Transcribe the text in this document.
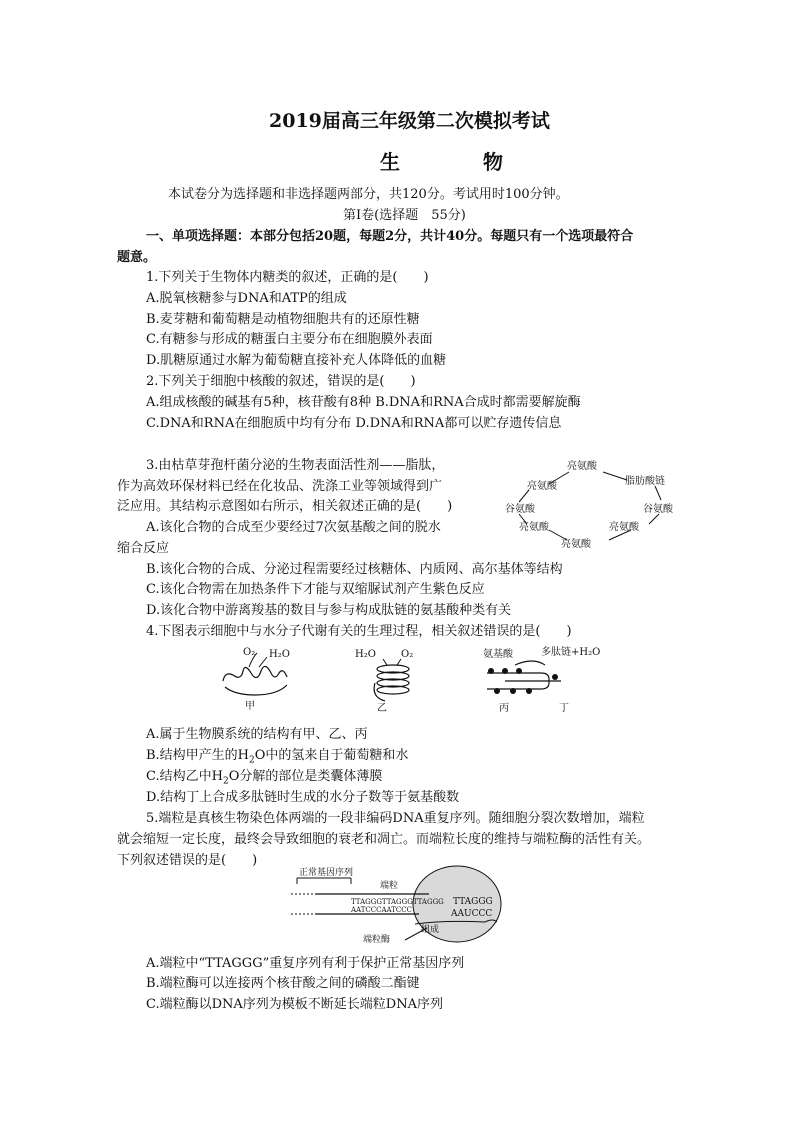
2019届高三年级第二次模拟考试
生 物
本试卷分为选择题和非选择题两部分，共120分。考试用时100分钟。
第Ⅰ卷(选择题　55分)
一、单项选择题：本部分包括20题，每题2分，共计40分。每题只有一个选项最符合
题意。
1.下列关于生物体内糖类的叙述，正确的是(　　)
A.脱氧核糖参与DNA和ATP的组成
B.麦芽糖和葡萄糖是动植物细胞共有的还原性糖
C.有糖参与形成的糖蛋白主要分布在细胞膜外表面
D.肌糖原通过水解为葡萄糖直接补充人体降低的血糖
2.下列关于细胞中核酸的叙述，错误的是(　　)
A.组成核酸的碱基有5种，核苷酸有8种 B.DNA和RNA合成时都需要解旋酶
C.DNA和RNA在细胞质中均有分布 D.DNA和RNA都可以贮存遗传信息
3.由枯草芽孢杆菌分泌的生物表面活性剂——脂肽，
作为高效环保材料已经在化妆品、洗涤工业等领域得到广
泛应用。其结构示意图如右所示，相关叙述正确的是(　　)
A.该化合物的合成至少要经过7次氨基酸之间的脱水
缩合反应
B.该化合物的合成、分泌过程需要经过核糖体、内质网、高尔基体等结构
C.该化合物需在加热条件下才能与双缩脲试剂产生紫色反应
D.该化合物中游离羧基的数目与参与构成肽链的氨基酸种类有关
亮氨酸
亮氨酸	脂肪酸链
谷氨酸	谷氨酸
亮氨酸	亮氨酸
亮氨酸
4.下图表示细胞中与水分子代谢有关的生理过程，相关叙述错误的是(　　)
O₂ H₂O
甲
H₂O	O₂
乙
氨基酸	多肽链+H₂O
丙	丁
A.属于生物膜系统的结构有甲、乙、丙
B.结构甲产生的$H_2O$中的氢来自于葡萄糖和水
C.结构乙中$H_2O$分解的部位是类囊体薄膜
D.结构丁上合成多肽链时生成的水分子数等于氨基酸数
5.端粒是真核生物染色体两端的一段非编码DNA重复序列。随细胞分裂次数增加，端粒
就会缩短一定长度，最终会导致细胞的衰老和凋亡。而端粒长度的维持与端粒酶的活性有关。
下列叙述错误的是(　　)
正常基因序列
端粒
TTAGGGTTAGGGTTAGGG
AATCCCAATCCC
TTAGGG
AAUCCC
组成
端粒酶
A.端粒中“TTAGGG”重复序列有利于保护正常基因序列
B.端粒酶可以连接两个核苷酸之间的磷酸二酯键
C.端粒酶以DNA序列为模板不断延长端粒DNA序列
